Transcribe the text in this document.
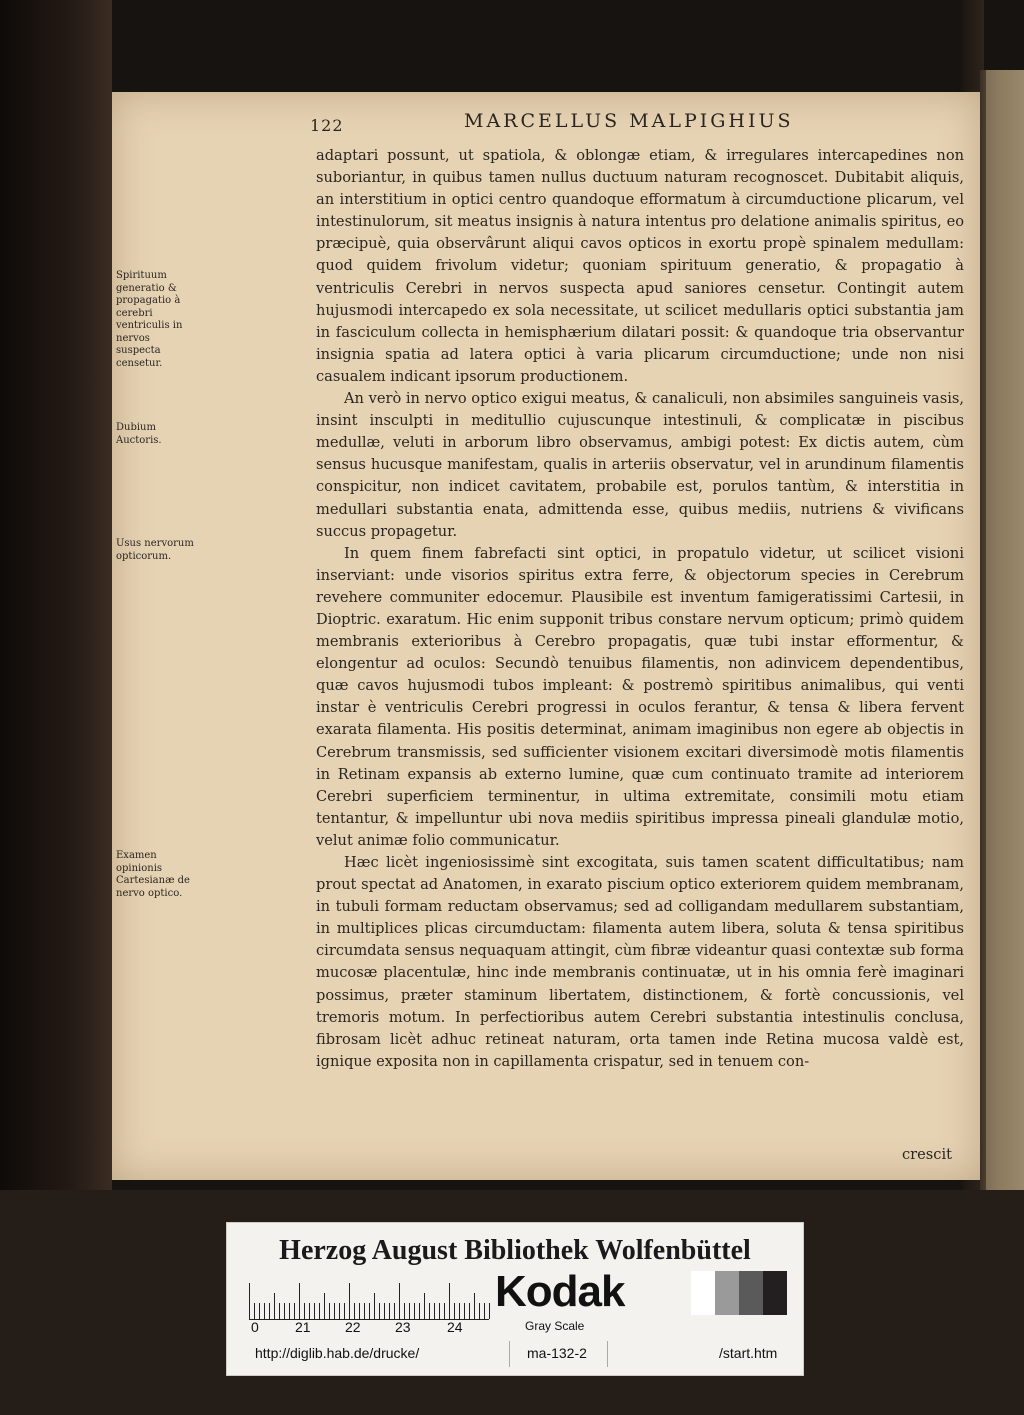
122	MARCELLUS MALPIGHIUS
Spirituum generatio & propagatio à cerebri ventriculis in nervos suspecta censetur.
Dubium Auctoris.
Usus nervorum opticorum.
Examen opinionis Cartesianæ de nervo optico.

adaptari possunt, ut spatiola, & oblongæ etiam, & irregulares intercapedines non suboriantur, in quibus tamen nullus ductuum naturam recognoscet. Dubitabit aliquis, an interstitium in optici centro quandoque efformatum à circumductione plicarum, vel intestinulorum, sit meatus insignis à natura intentus pro delatione animalis spiritus, eo præcipuè, quia observârunt aliqui cavos opticos in exortu propè spinalem medullam: quod quidem frivolum videtur; quoniam spirituum generatio, & propagatio à ventriculis Cerebri in nervos suspecta apud saniores censetur. Contingit autem hujusmodi intercapedo ex sola necessitate, ut scilicet medullaris optici substantia jam in fasciculum collecta in hemisphærium dilatari possit: & quandoque tria observantur insignia spatia ad latera optici à varia plicarum circumductione; unde non nisi casualem indicant ipsorum productionem.

An verò in nervo optico exigui meatus, & canaliculi, non absimiles sanguineis vasis, insint insculpti in meditullio cujuscunque intestinuli, & complicatæ in piscibus medullæ, veluti in arborum libro observamus, ambigi potest: Ex dictis autem, cùm sensus hucusque manifestam, qualis in arteriis observatur, vel in arundinum filamentis conspicitur, non indicet cavitatem, probabile est, porulos tantùm, & interstitia in medullari substantia enata, admittenda esse, quibus mediis, nutriens & vivificans succus propagetur.

In quem finem fabrefacti sint optici, in propatulo videtur, ut scilicet visioni inserviant: unde visorios spiritus extra ferre, & objectorum species in Cerebrum revehere communiter edocemur. Plausibile est inventum famigeratissimi Cartesii, in Dioptric. exaratum. Hic enim supponit tribus constare nervum opticum; primò quidem membranis exterioribus à Cerebro propagatis, quæ tubi instar efformentur, & elongentur ad oculos: Secundò tenuibus filamentis, non adinvicem dependentibus, quæ cavos hujusmodi tubos impleant: & postremò spiritibus animalibus, qui venti instar è ventriculis Cerebri progressi in oculos ferantur, & tensa & libera fervent exarata filamenta. His positis determinat, animam imaginibus non egere ab objectis in Cerebrum transmissis, sed sufficienter visionem excitari diversimodè motis filamentis in Retinam expansis ab externo lumine, quæ cum continuato tramite ad interiorem Cerebri superficiem terminentur, in ultima extremitate, consimili motu etiam tentantur, & impelluntur ubi nova mediis spiritibus impressa pineali glandulæ motio, velut animæ folio communicatur.

Hæc licèt ingeniosissimè sint excogitata, suis tamen scatent difficultatibus; nam prout spectat ad Anatomen, in exarato piscium optico exteriorem quidem membranam, in tubuli formam reductam observamus; sed ad colligandam medullarem substantiam, in multiplices plicas circumductam: filamenta autem libera, soluta & tensa spiritibus circumdata sensus nequaquam attingit, cùm fibræ videantur quasi contextæ sub forma mucosæ placentulæ, hinc inde membranis continuatæ, ut in his omnia ferè imaginari possimus, præter staminum libertatem, distinctionem, & fortè concussionis, vel tremoris motum. In perfectioribus autem Cerebri substantia intestinulis conclusa, fibrosam licèt adhuc retineat naturam, orta tamen inde Retina mucosa valdè est, ignique exposita non in capillamenta crispatur, sed in tenuem con-

crescit
Herzog August Bibliothek Wolfenbüttel
0	21 22 23	24
Kodak
Gray Scale
http://diglib.hab.de/drucke/	ma-132-2	/start.htm
